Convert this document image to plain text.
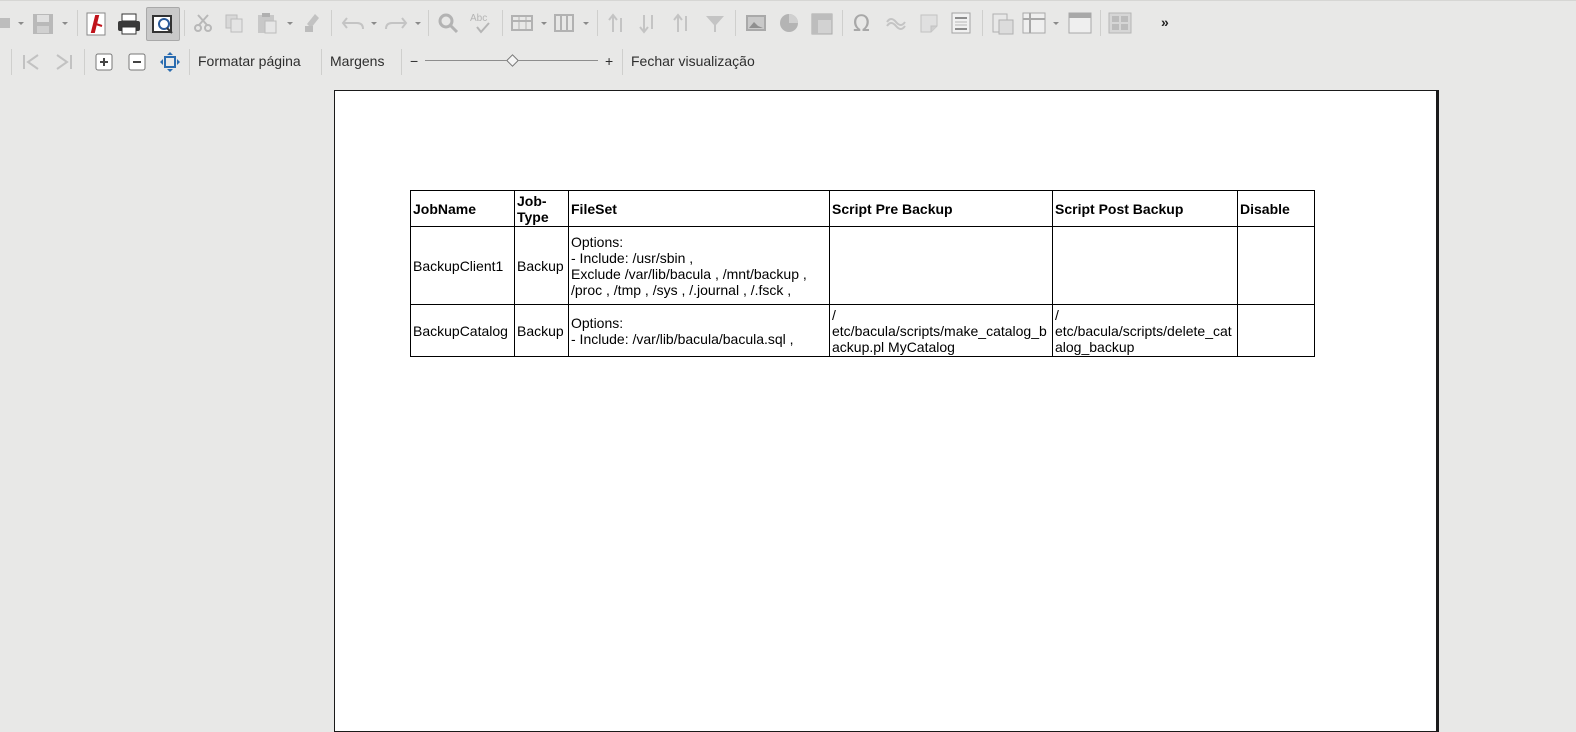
Abc	Ω	»
Formatar página Margens −	+ Fechar visualização
JobName	Job-
Type	FileSet	Script Pre Backup	Script Post Backup	Disable
BackupClient1	Backup	Options:
- Include: /usr/sbin ,
Exclude /var/lib/bacula , /mnt/backup ,
/proc , /tmp , /sys , /.journal , /.fsck ,			
BackupCatalog	Backup	Options:
- Include: /var/lib/bacula/bacula.sql ,	/
etc/bacula/scripts/make_catalog_b
ackup.pl MyCatalog	/
etc/bacula/scripts/delete_cat
alog_backup	
